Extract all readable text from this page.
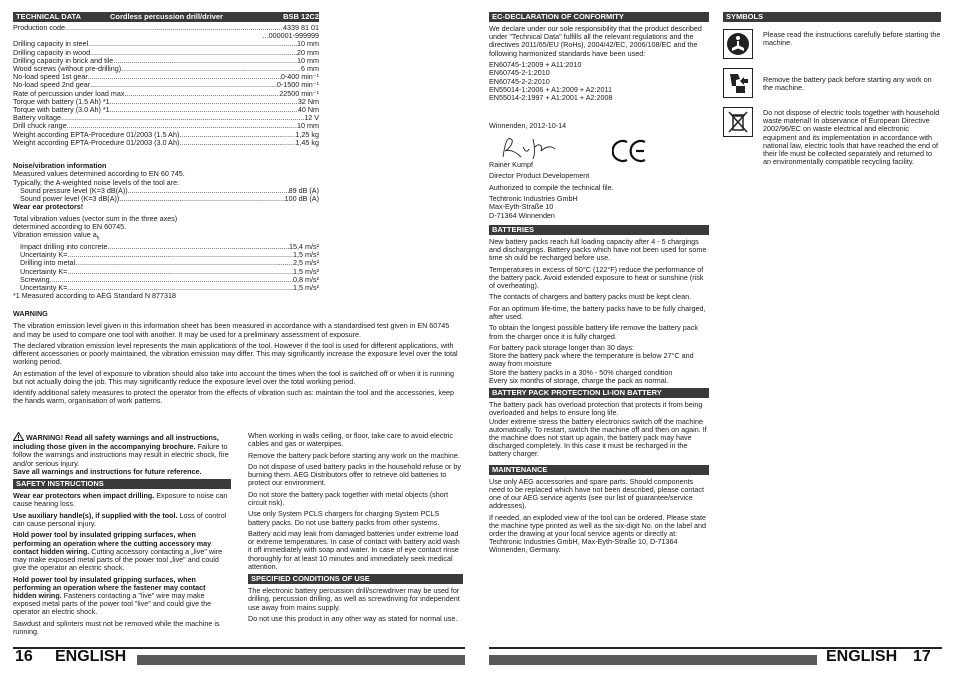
TECHNICAL DATA	Cordless percussion drill/driver	BSB 12C2
Production code .....	4339 81 01
...000001-999999
Drilling capacity in steel .....	10 mm
Drilling capacity in wood .....	20 mm
Drilling capacity in brick and tile .....	10 mm
Wood screws (without pre-drilling) .....	6 mm
No-load speed 1st gear .....	0-400 min⁻¹
No-load speed 2nd gear .....	0-1500 min⁻¹
Rate of percussion under load max. .....	22500 min⁻¹
Torque with battery (1.5 Ah) *1 .....	32 Nm
Torque with battery (3.0 Ah) *1 .....	40 Nm
Battery voltage .....	12 V
Drill chuck range .....	10 mm
Weight according EPTA-Procedure 01/2003 (1.5 Ah) .....	1,25 kg
Weight according EPTA-Procedure 01/2003 (3.0 Ah) .....	1,45 kg

Noise/vibration information

Measured values determined according to EN 60 745.

Typically, the A-weighted noise levels of the tool are:

Sound pressure level (K=3 dB(A)) .....	89 dB (A)
Sound power level (K=3 dB(A)) .....	100 dB (A)

Wear ear protectors!

Total vibration values (vector sum in the three axes)

determined according to EN 60745.

Vibration emission value $a_h$

Impact drilling into concrete .....	15,4 m/s²
Uncertainty K= .....	1,5 m/s²
Drilling into metal .....	2,5 m/s²
Uncertainty K= .....	1,5 m/s²
Screwing .....	0,8 m/s²
Uncertainty K= .....	1,5 m/s²

*1 Measured according to AEG Standard N 877318

WARNING

The vibration emission level given in this information sheet has been measured in accordance with a standardised test given in EN 60745 and may be used to compare one tool with another. It may be used for a preliminary assessment of exposure.

The declared vibration emission level represents the main applications of the tool. However if the tool is used for different applications, with different accessories or poorly maintained, the vibration emission may differ. This may significantly increase the exposure level over the total working period.

An estimation of the level of exposure to vibration should also take into account the times when the tool is switched off or when it is running but not actually doing the job. This may significantly reduce the exposure level over the total working period.

Identify additional safety measures to protect the operator from the effects of vibration such as: maintain the tool and the accessories, keep the hands warm, organisation of work patterns.

WARNING! Read all safety warnings and all instructions, including those given in the accompanying brochure. Failure to follow the warnings and instructions may result in electric shock, fire and/or serious injury.
Save all warnings and instructions for future reference.

SAFETY INSTRUCTIONS

Wear ear protectors when impact drilling. Exposure to noise can cause hearing loss.

Use auxiliary handle(s), if supplied with the tool. Loss of control can cause personal injury.

Hold power tool by insulated gripping surfaces, when performing an operation where the cutting accessory may contact hidden wiring. Cutting accessory contacting a „live" wire may make exposed metal parts of the power tool „live" and could give the operator an electric shock.

Hold power tool by insulated gripping surfaces, when performing an operation where the fastener may contact hidden wiring. Fasteners contacting a "live" wire may make exposed metal parts of the power tool "live" and could give the operator an electric shock.

Sawdust and splinters must not be removed while the machine is running.

When working in walls ceiling, or floor, take care to avoid electric cables and gas or waterpipes.

Remove the battery pack before starting any work on the machine.

Do not dispose of used battery packs in the household refuse or by burning them. AEG Distributors offer to retrieve old batteries to protect our environment.

Do not store the battery pack together with metal objects (short circuit risk).

Use only System PCLS chargers for charging System PCLS battery packs. Do not use battery packs from other systems.

Battery acid may leak from damaged batteries under extreme load or extreme temperatures. In case of contact with battery acid wash it off immediately with soap and water. In case of eye contact rinse thoroughly for at least 10 minutes and immediately seek medical attention.

SPECIFIED CONDITIONS OF USE

The electronic battery percussion drill/screwdriver may be used for drilling, percussion drilling, as well as screwdriving for independent use away from mains supply.

Do not use this product in any other way as stated for normal use.

16 ENGLISH
EC-DECLARATION OF CONFORMITY

We declare under our sole responsibility that the product described under "Technical Data" fulfills all the relevant regulations and the directives 2011/65/EU (RoHs), 2004/42/EC, 2006/108/EC and the following harmonized standards have been used:

EN60745-1:2009 + A11:2010

EN60745-2-1:2010

EN60745-2-2:2010

EN55014-1:2006 + A1:2009 + A2:2011

EN55014-2:1997 + A1:2001 + A2:2008

Winnenden, 2012-10-14

Rainer Kumpf

Director Product Developement

Authorized to compile the technical file.

Techtronic Industries GmbH

Max-Eyth-Straße 10

D-71364 Winnenden

BATTERIES

New battery packs reach full loading capacity after 4 - 5 chargings and dischargings. Battery packs which have not been used for some time sh ould be recharged before use.

Temperatures in excess of 50°C (122°F) reduce the performance of the battery pack. Avoid extended exposure to heat or sunshine (risk of overheating).

The contacts of chargers and battery packs must be kept clean.

For an optimum life-time, the battery packs have to be fully charged, after used.

To obtain the longest possible battery life remove the battery pack from the charger once it is fully charged.

For battery pack storage longer than 30 days:
Store the battery pack where the temperature is below 27°C and away from moisture
Store the battery packs in a 30% - 50% charged condition
Every six months of storage, charge the pack as normal.

BATTERY PACK PROTECTION LI-ION BATTERY

The battery pack has overload protection that protects it from being overloaded and helps to ensure long life.
Under extreme stress the battery electronics switch off the machine automatically. To restart, switch the machine off and then on again. If the machine does not start up again, the battery pack may have discharged completely. In this case it must be recharged in the battery charger.

MAINTENANCE

Use only AEG accessories and spare parts. Should components need to be replaced which have not been described, please contact one of our AEG service agents (see our list of guarantee/service addresses).

If needed, an exploded view of the tool can be ordered. Please state the machine type printed as well as the six-digit No. on the label and order the drawing at your local service agents or directly at: Techtronic Industries GmbH, Max-Eyth-Straße 10, D-71364 Winnenden, Germany.

SYMBOLS
Please read the instructions carefully before starting the machine.
Remove the battery pack before starting any work on the machine.
Do not dispose of electric tools together with household waste material! In observance of European Directive 2002/96/EC on waste electrical and electronic equipment and its implementation in accordance with national law, electric tools that have reached the end of their life must be collected separately and returned to an environmentally compatible recycling facility.
ENGLISH 17
